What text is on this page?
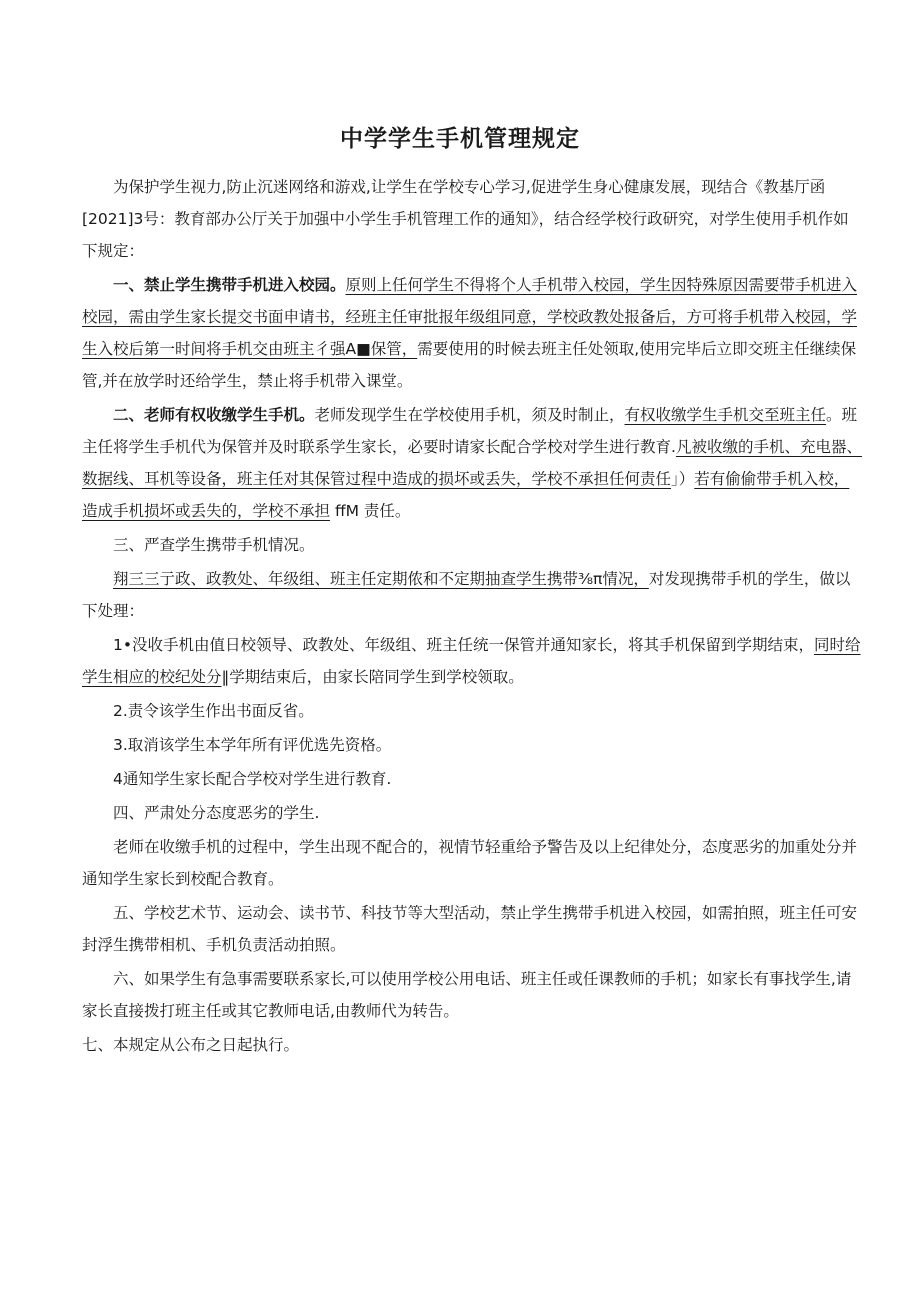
中学学生手机管理规定

为保护学生视力,防止沉迷网络和游戏,让学生在学校专心学习,促进学生身心健康发展，现结合《教基厅函[2021]3号：教育部办公厅关于加强中小学生手机管理工作的通知》，结合经学校行政研究，对学生使用手机作如下规定：

一、禁止学生携带手机进入校园。原则上任何学生不得将个人手机带入校园，学生因特殊原因需要带手机进入校园，需由学生家长提交书面申请书，经班主任审批报年级组同意，学校政教处报备后，方可将手机带入校园，学生入校后第一时间将手机交由班主彳强A■保管，需要使用的时候去班主任处领取,使用完毕后立即交班主任继续保管,并在放学时还给学生，禁止将手机带入课堂。

二、老师有权收缴学生手机。老师发现学生在学校使用手机，须及时制止，有权收缴学生手机交至班主任。班主任将学生手机代为保管并及时联系学生家长，必要时请家长配合学校对学生进行教育.凡被收缴的手机、充电器、数据线、耳机等设备，班主任对其保管过程中造成的损坏或丢失，学校不承担任何责任」）若有偷偷带手机入校，造成手机损坏或丢失的，学校不承担 ffM 责任。

三、严查学生携带手机情况。

翔三三亍政、政教处、年级组、班主任定期侬和不定期抽查学生携带⅜π情况，对发现携带手机的学生，做以下处理：

1•没收手机由值日校领导、政教处、年级组、班主任统一保管并通知家长，将其手机保留到学期结束，同时给学生相应的校纪处分‖学期结束后，由家长陪同学生到学校领取。

2.责令该学生作出书面反省。

3.取消该学生本学年所有评优选先资格。

4通知学生家长配合学校对学生进行教育.

四、严肃处分态度恶劣的学生.

老师在收缴手机的过程中，学生出现不配合的，视情节轻重给予警告及以上纪律处分，态度恶劣的加重处分并通知学生家长到校配合教育。

五、学校艺术节、运动会、读书节、科技节等大型活动，禁止学生携带手机进入校园，如需拍照，班主任可安封浮生携带相机、手机负责活动拍照。

六、如果学生有急事需要联系家长,可以使用学校公用电话、班主任或任课教师的手机；如家长有事找学生,请家长直接拨打班主任或其它教师电话,由教师代为转告。

七、本规定从公布之日起执行。
